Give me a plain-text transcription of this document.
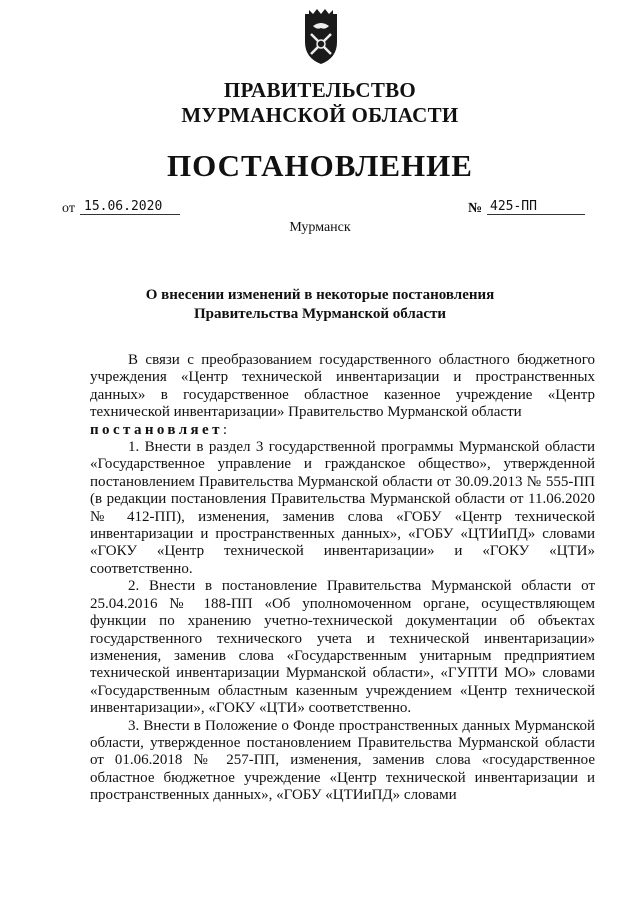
ПРАВИТЕЛЬСТВО
МУРМАНСКОЙ ОБЛАСТИ
ПОСТАНОВЛЕНИЕ
от 15.06.2020	№ 425-ПП
Мурманск
О внесении изменений в некоторые постановления
Правительства Мурманской области

В связи с преобразованием государственного областного бюджетного учреждения «Центр технической инвентаризации и пространственных данных» в государственное областное казенное учреждение «Центр технической инвентаризации» Правительство Мурманской области

постановляет:

1. Внести в раздел 3 государственной программы Мурманской области «Государственное управление и гражданское общество», утвержденной постановлением Правительства Мурманской области от 30.09.2013 № 555-ПП (в редакции постановления Правительства Мурманской области от 11.06.2020 № 412-ПП), изменения, заменив слова «ГОБУ «Центр технической инвентаризации и пространственных данных», «ГОБУ «ЦТИиПД» словами «ГОКУ «Центр технической инвентаризации» и «ГОКУ «ЦТИ» соответственно.

2. Внести в постановление Правительства Мурманской области от 25.04.2016 № 188-ПП «Об уполномоченном органе, осуществляющем функции по хранению учетно-технической документации об объектах государственного технического учета и технической инвентаризации» изменения, заменив слова «Государственным унитарным предприятием технической инвентаризации Мурманской области», «ГУПТИ МО» словами «Государственным областным казенным учреждением «Центр технической инвентаризации», «ГОКУ «ЦТИ» соответственно.

3. Внести в Положение о Фонде пространственных данных Мурманской области, утвержденное постановлением Правительства Мурманской области от 01.06.2018 № 257-ПП, изменения, заменив слова «государственное областное бюджетное учреждение «Центр технической инвентаризации и пространственных данных», «ГОБУ «ЦТИиПД» словами
